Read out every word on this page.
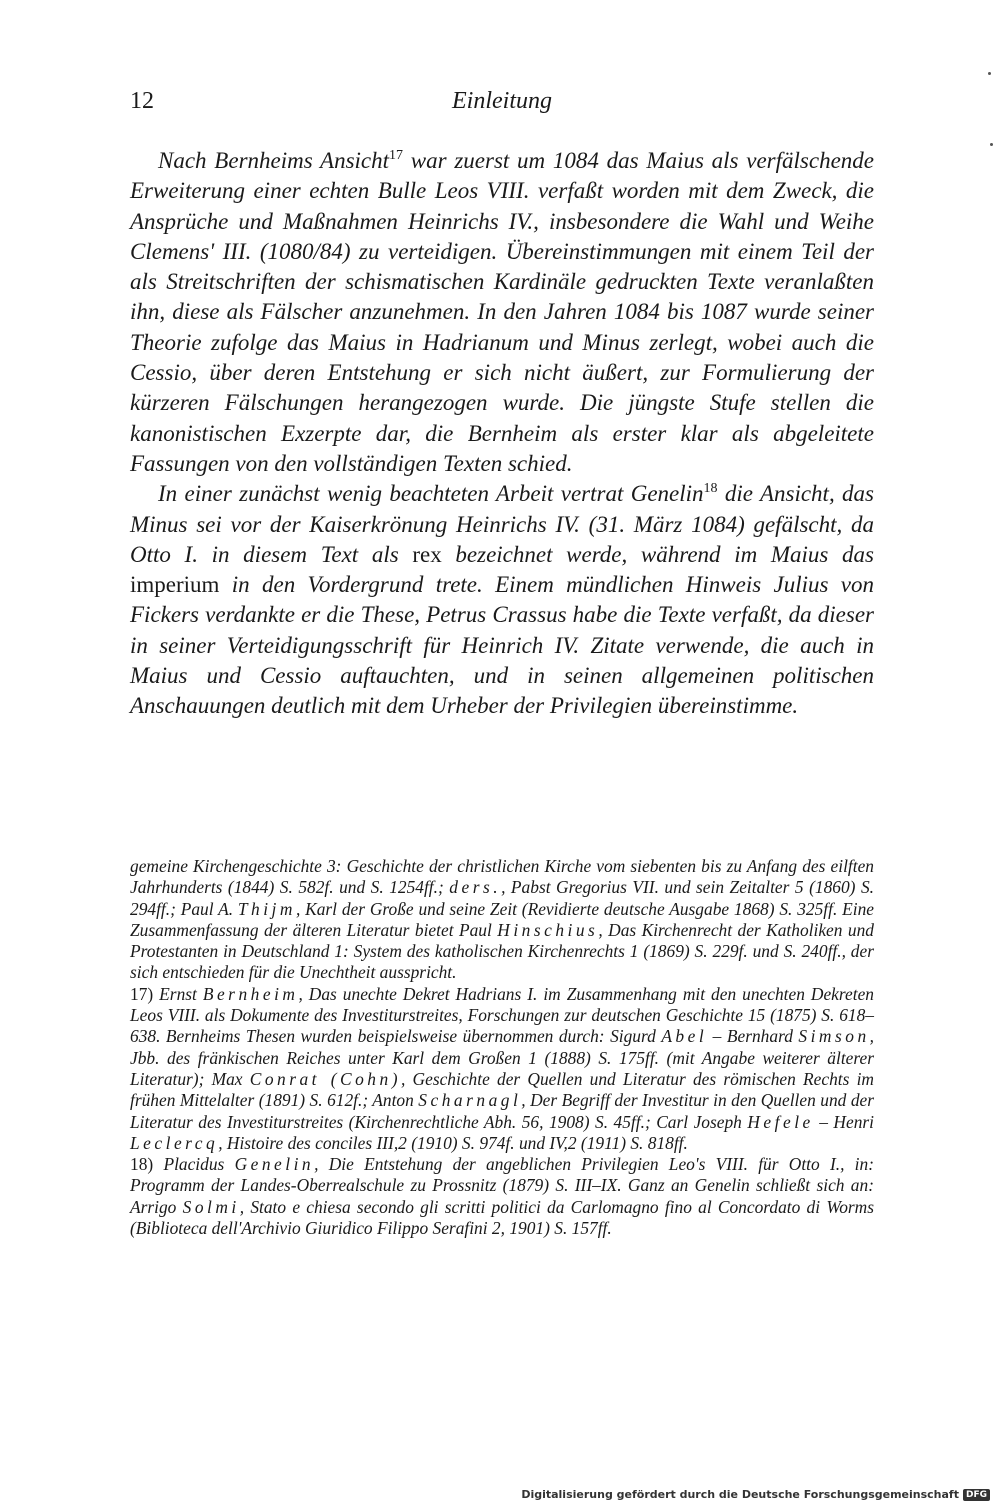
12	Einleitung

Nach Bernheims Ansicht$^{17}$ war zuerst um 1084 das Maius als verfälschende Erweiterung einer echten Bulle Leos VIII. verfaßt worden mit dem Zweck, die Ansprüche und Maßnahmen Heinrichs IV., insbesondere die Wahl und Weihe Clemens' III. (1080/84) zu verteidigen. Übereinstimmungen mit einem Teil der als Streitschriften der schismatischen Kardinäle gedruckten Texte veranlaßten ihn, diese als Fälscher anzunehmen. In den Jahren 1084 bis 1087 wurde seiner Theorie zufolge das Maius in Hadrianum und Minus zerlegt, wobei auch die Cessio, über deren Entstehung er sich nicht äußert, zur Formulierung der kürzeren Fälschungen herangezogen wurde. Die jüngste Stufe stellen die kanonistischen Exzerpte dar, die Bernheim als erster klar als abgeleitete Fassungen von den vollständigen Texten schied.

In einer zunächst wenig beachteten Arbeit vertrat Genelin$^{18}$ die Ansicht, das Minus sei vor der Kaiserkrönung Heinrichs IV. (31. März 1084) gefälscht, da Otto I. in diesem Text als rex bezeichnet werde, während im Maius das imperium in den Vordergrund trete. Einem mündlichen Hinweis Julius von Fickers verdankte er die These, Petrus Crassus habe die Texte verfaßt, da dieser in seiner Verteidigungsschrift für Heinrich IV. Zitate verwende, die auch in Maius und Cessio auftauchten, und in seinen allgemeinen politischen Anschauungen deutlich mit dem Urheber der Privilegien übereinstimme.

gemeine Kirchengeschichte 3: Geschichte der christlichen Kirche vom siebenten bis zu Anfang des eilften Jahrhunderts (1844) S. 582f. und S. 1254ff.; ders., Pabst Gregorius VII. und sein Zeitalter 5 (1860) S. 294ff.; Paul A. Thijm, Karl der Große und seine Zeit (Revidierte deutsche Ausgabe 1868) S. 325ff. Eine Zusammenfassung der älteren Literatur bietet Paul Hinschius, Das Kirchenrecht der Katholiken und Protestanten in Deutschland 1: System des katholischen Kirchenrechts 1 (1869) S. 229f. und S. 240ff., der sich entschieden für die Unechtheit ausspricht.

17) Ernst Bernheim, Das unechte Dekret Hadrians I. im Zusammenhang mit den unechten Dekreten Leos VIII. als Dokumente des Investiturstreites, Forschungen zur deutschen Geschichte 15 (1875) S. 618–638. Bernheims Thesen wurden beispielsweise übernommen durch: Sigurd Abel – Bernhard Simson, Jbb. des fränkischen Reiches unter Karl dem Großen 1 (1888) S. 175ff. (mit Angabe weiterer älterer Literatur); Max Conrat (Cohn), Geschichte der Quellen und Literatur des römischen Rechts im frühen Mittelalter (1891) S. 612f.; Anton Scharnagl, Der Begriff der Investitur in den Quellen und der Literatur des Investiturstreites (Kirchenrechtliche Abh. 56, 1908) S. 45ff.; Carl Joseph Hefele – Henri Leclercq, Histoire des conciles III,2 (1910) S. 974f. und IV,2 (1911) S. 818ff.

18) Placidus Genelin, Die Entstehung der angeblichen Privilegien Leo's VIII. für Otto I., in: Programm der Landes-Oberrealschule zu Prossnitz (1879) S. III–IX. Ganz an Genelin schließt sich an: Arrigo Solmi, Stato e chiesa secondo gli scritti politici da Carlomagno fino al Concordato di Worms (Biblioteca dell'Archivio Giuridico Filippo Serafini 2, 1901) S. 157ff.

Digitalisierung gefördert durch die Deutsche Forschungsgemeinschaft DFG
